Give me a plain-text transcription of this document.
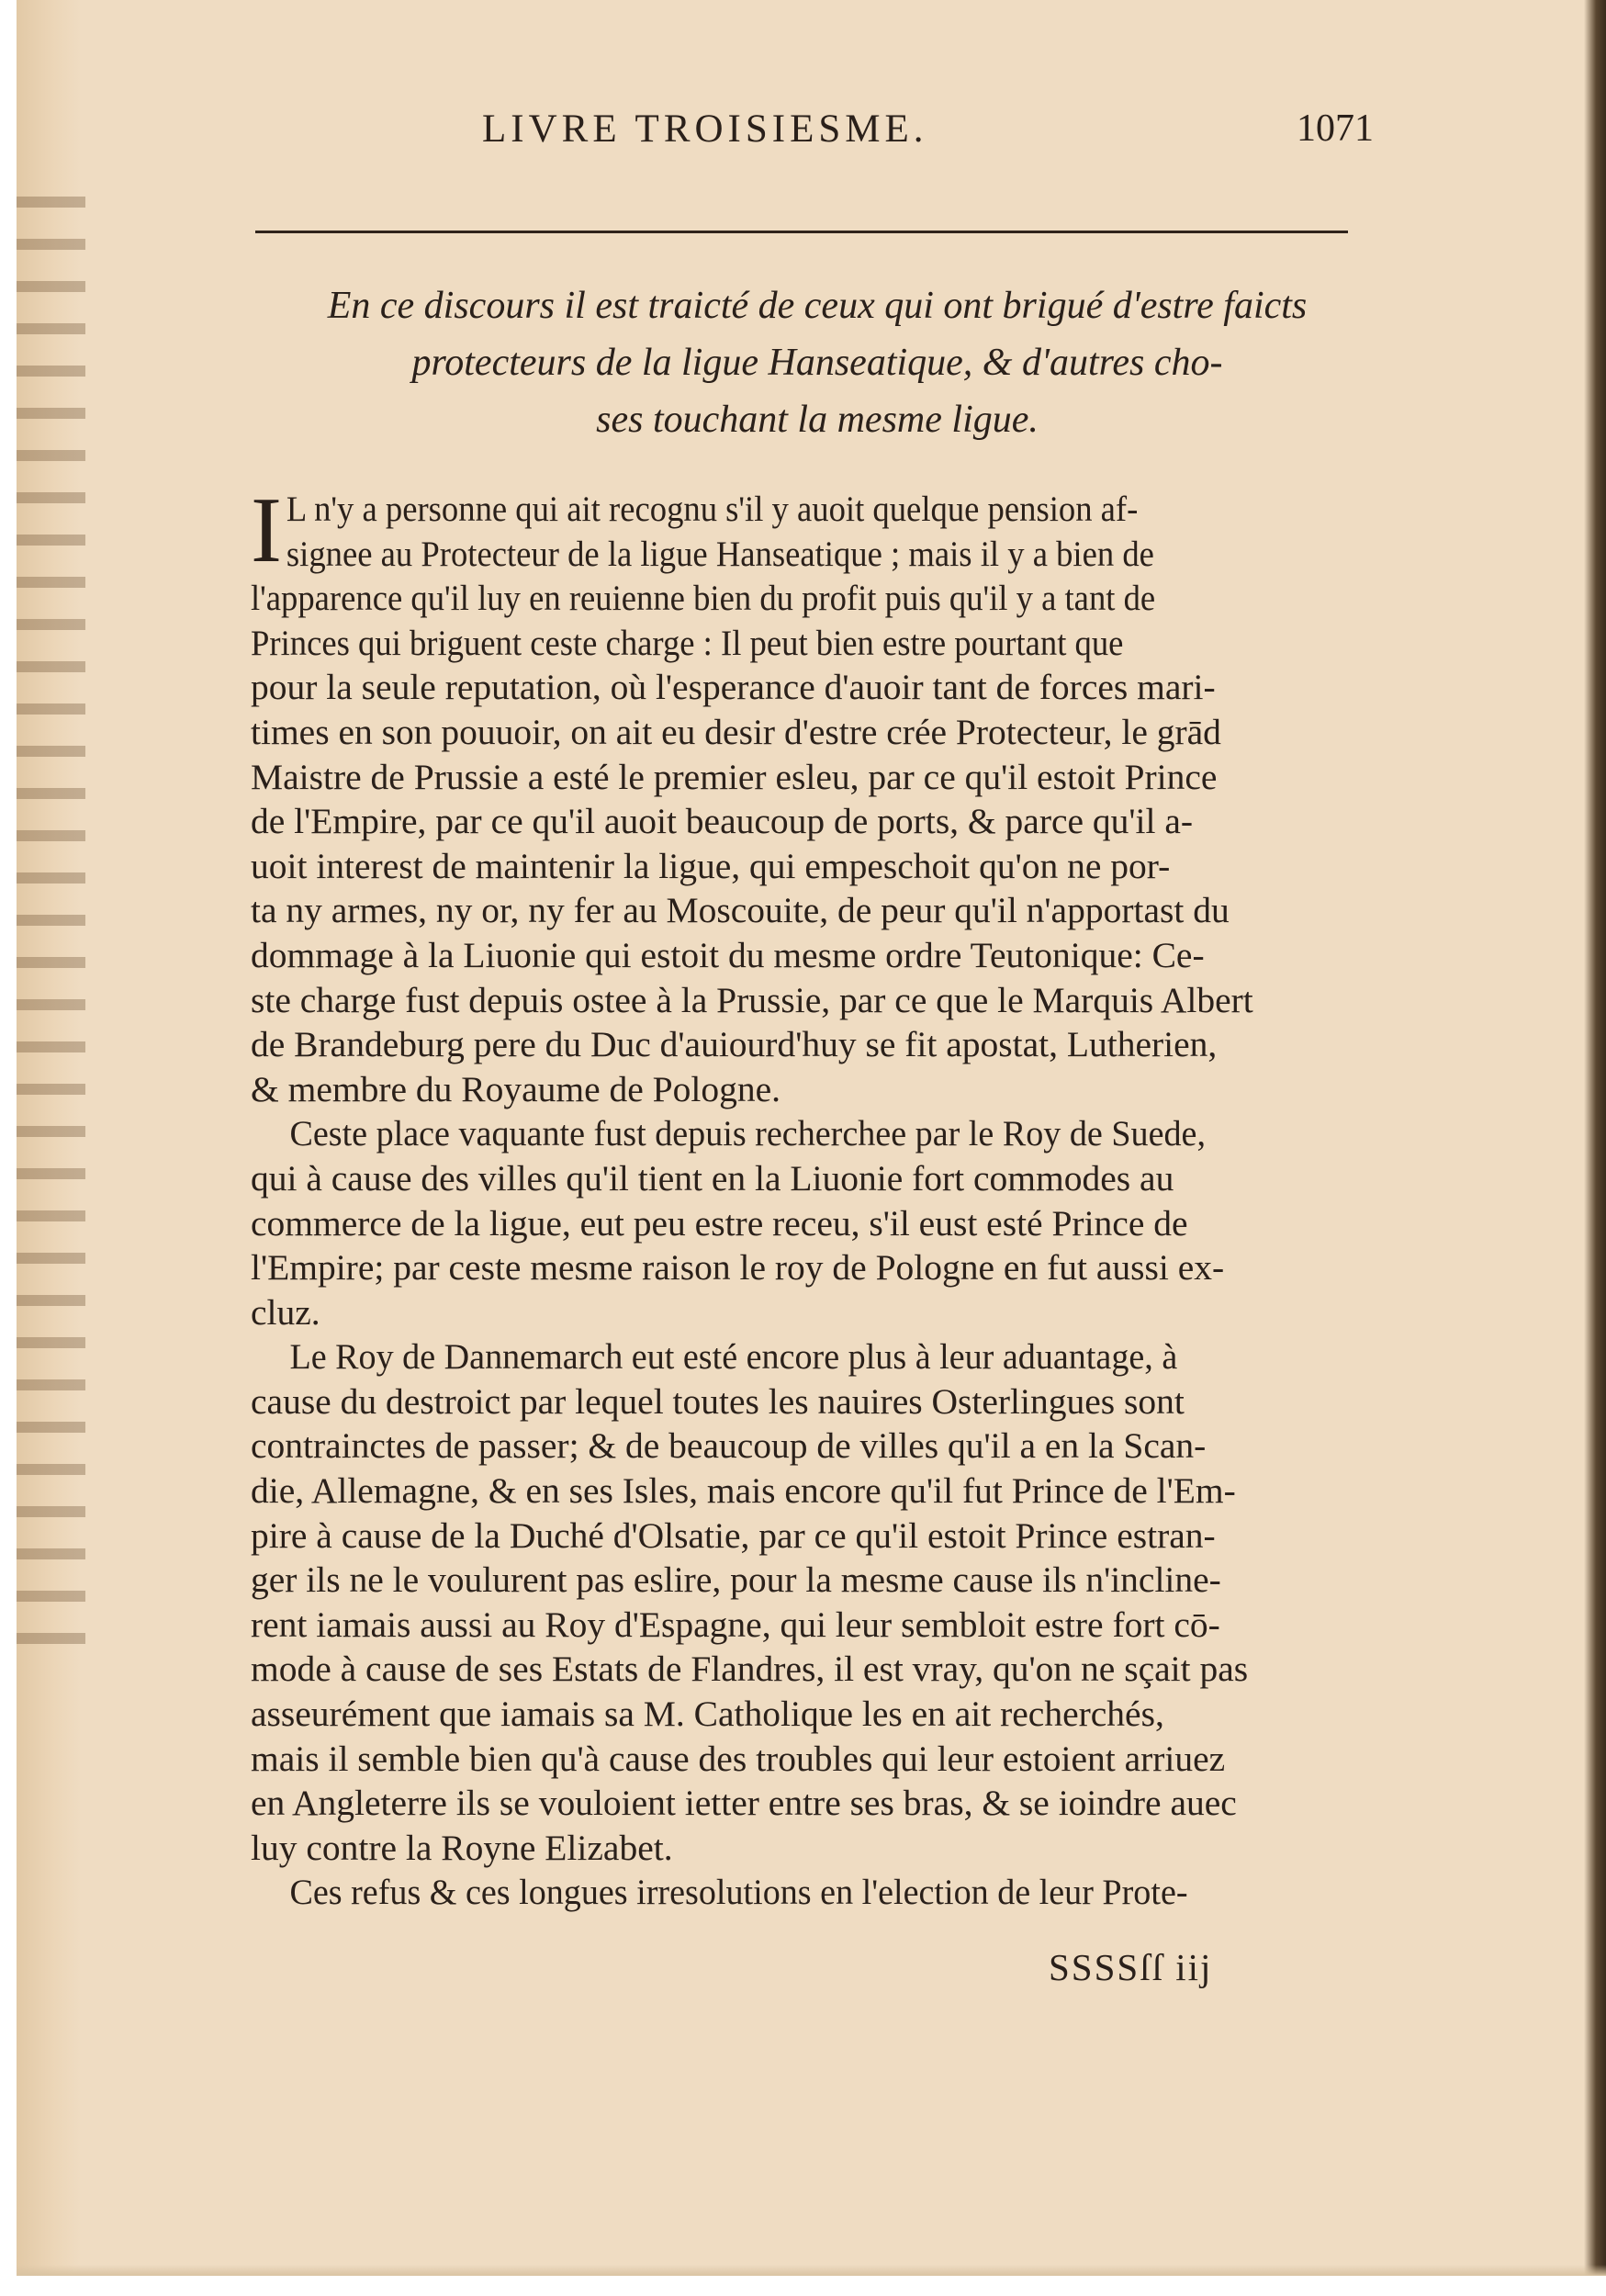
LIVRE TROISIESME.	1071
En ce discours il est traicté de ceux qui ont brigué d'estre faicts
protecteurs de la ligue Hanseatique, & d'autres cho-
ses touchant la mesme ligue.
I L n'y a personne qui ait recognu s'il y auoit quelque pension af-
signee au Protecteur de la ligue Hanseatique ; mais il y a bien de
l'apparence qu'il luy en reuienne bien du profit puis qu'il y a tant de
Princes qui briguent ceste charge : Il peut bien estre pourtant que
pour la seule reputation, où l'esperance d'auoir tant de forces mari-
times en son pouuoir, on ait eu desir d'estre crée Protecteur, le grād
Maistre de Prussie a esté le premier esleu, par ce qu'il estoit Prince
de l'Empire, par ce qu'il auoit beaucoup de ports, & parce qu'il a-
uoit interest de maintenir la ligue, qui empeschoit qu'on ne por-
ta ny armes, ny or, ny fer au Moscouite, de peur qu'il n'apportast du
dommage à la Liuonie qui estoit du mesme ordre Teutonique: Ce-
ste charge fust depuis ostee à la Prussie, par ce que le Marquis Albert
de Brandeburg pere du Duc d'auiourd'huy se fit apostat, Lutherien,
& membre du Royaume de Pologne.
Ceste place vaquante fust depuis recherchee par le Roy de Suede,
qui à cause des villes qu'il tient en la Liuonie fort commodes au
commerce de la ligue, eut peu estre receu, s'il eust esté Prince de
l'Empire; par ceste mesme raison le roy de Pologne en fut aussi ex-
cluz.
Le Roy de Dannemarch eut esté encore plus à leur aduantage, à
cause du destroict par lequel toutes les nauires Osterlingues sont
contrainctes de passer; & de beaucoup de villes qu'il a en la Scan-
die, Allemagne, & en ses Isles, mais encore qu'il fut Prince de l'Em-
pire à cause de la Duché d'Olsatie, par ce qu'il estoit Prince estran-
ger ils ne le voulurent pas eslire, pour la mesme cause ils n'incline-
rent iamais aussi au Roy d'Espagne, qui leur sembloit estre fort cō-
mode à cause de ses Estats de Flandres, il est vray, qu'on ne sçait pas
asseurément que iamais sa M. Catholique les en ait recherchés,
mais il semble bien qu'à cause des troubles qui leur estoient arriuez
en Angleterre ils se vouloient ietter entre ses bras, & se ioindre auec
luy contre la Royne Elizabet.
Ces refus & ces longues irresolutions en l'election de leur Prote-
SSSSſſ iij
